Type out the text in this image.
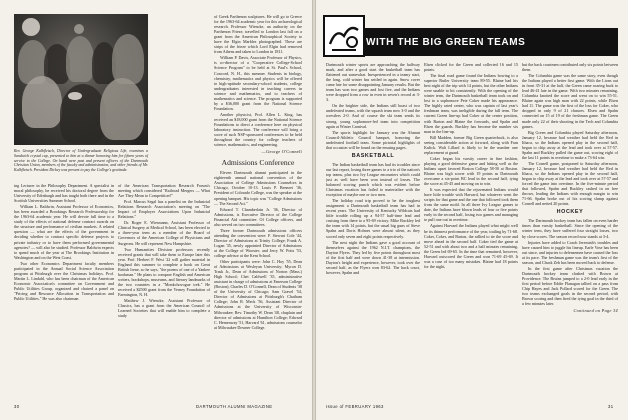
Rev. George Kalbfleisch, Director of Undergraduate Religious Life, examines a Sandwich crystal cup, presented to him at a dinner honoring him for fifteen years of service to the College. On hand were past and present officers of the Dartmouth Christian Union, members of the faculty and administration, and other friends of Mr. Kalbfleisch. President Dickey was present to pay the College's gratitude.
ing Lecturer in the Philosophy Department. A specialist in moral philosophy, he received his doctoral degree from the University of Edinburgh and has taught both there and in the Scottish Universities Summer School.
William L. Baldwin, Assistant Professor of Economics, has been awarded a Brookings Research Professorship for the 1963-64 academic year. He will devote full time to a study of the effects of national defense contract awards on the structure and performance of civilian markets. A related question — what are the effects of the government in deciding whether to contract specific defense projects to private industry or to have them performed governmental agencies? — will also be studied. Professor Baldwin expects to spend much of the year at The Brookings Institution in Washington and on the West Coast.
Two other Economics Department faculty members participated in the Annual Social Science Association program at Pittsburgh over the Christmas holidays. Prof. Martin L. Lindahl, who has been chairman of the American Economic Association's committee on Government and Public Utilities Group, organized and chaired a panel on "Pricing and Resource Allocation in Transportation and Public Utilities." He was also chairman
of the American Transportation Research Forum's meeting which considered "Railroad Mergers — What Are They Mean to Competition?"
Prof. Marcus Segal has a panelist on the Industrial Relations Research Association's meeting on "The Impact of Employer Associations Upon Industrial Relations."
Dr. Roger E. Wiesmann, Assistant Professor of Clinical Surgery at Medical School, has been elected to a three-year term as a member of the Board of Governors of the American College of Physicians and Surgeons. He will represent New Hampshire.
Two Humanities Division professors recently received grants that will take them to Europe later this year. Prof. Herbert F. West '22 will gather material in England this summer to complete a book on Great British Irene, so he says, "the poems of one of a Yankee bookman." He plans to compare English and American writers, bookshops, museums, and literary landmarks of the two countries in a "Monkchovogue trek." He received a $2500 grant from the Verney Foundation of Farmington, N. H.
Matthew J. Wiencke, Assistant Professor of Classics, has a grant from the American Council of Learned Societies that will enable him to complete a study
of Greek Parthenon sculptures. He will go to Greece for the 1963-64 academic year for this archaeological research. Professor Wiencke, an authority on the Parthenon Frieze, travelled to London last fall on a grant from the American Philosophical Society to have the Elgin Marbles photographed. These are strips of the frieze which Lord Elgin had removed from Athens and taken to London in 1811.
William P. Davis, Associate Professor of Physics, is co-director of a "Cooperative College-School Science Program" to be held at St. Paul's School, Concord, N. H., this summer. Students in biology, chemistry, mathematics and physics will be offered to high-aptitude secondary-school students, college undergraduates interested in teaching careers in science and mathematics, and to teachers of mathematics and science. The program is supported by a $36,000 grant from the National Science Foundation.
Another physicist, Prof. Allen L. King, has received an $18,000 grant from the National Science Foundations to direct a conference here on physical laboratory instruction. The conference will bring a score of such NSF-sponsored conferences to be held throughout the country for college teachers of science, mathematics, and engineering.
—George O'Connell
Admissions Conference
Eleven Dartmouth alumni participated in the eighteenth annual national convention of the Association of College Admissions Counselors in Chicago, October 10-13. Louis P. Benezet '36, President of Colorado College, was the speaker at the opening banquet. His topic was "College Admissions — The Second Act."
Edward T. Chamberlain Jr. '36, Director of Admissions, is Executive Director of the College Financial Aid committee. Of College officers, and also served on two committees.
Three former Dartmouth admissions officers attending the convention were: F. Stewart Cole '44, Director of Admissions at Trinity College; Frank A. Logan '35, newly appointed Director of Admissions at the College of Wooster; and Jerry W. Potts '53, college advisor at the Kent School.
Other participants were: John C. Hoy '55, Dean of Admissions at Wesleyan University; Myron D. Trask Jr., Dean of Admissions of Norton (Mass.) High School; Chet Caldwell '35, administrative assistant in charge of admissions at Emerson College (Boston); Charles D. O'Connell, Dean of Students '38 of the University of Chicago; Sam Gravel '54, Director of Admissions at Pittsburgh's Chatham College; John R. Meck '56, Assistant Director of Admissions at the University of Wisconsin-Milwaukee; Rev. Timothy W. Dean '48, chaplain and director of admissions at Hamilton College; Edward C. Hemenway '51, Harvard '61, admissions counselor at Milwaukee Downer College.
30	DARTMOUTH ALUMNI MAGAZINE
WITH THE BIG GREEN TEAMS
Dartmouth winter sports are approaching the halfway mark, and after a good start the basketball team has flattened out somewhat. Inexperienced in a teamy start, the long, cold winter has settled in again. Snow cover came late for some disappointing January results. But the team has won two games and lost five, and the Indians were dropped from a row in even in seven's record at 3-3.
On the brighter side, the Indians still boast of two undefeated teams, with the squash team now 3-0 and the wrestlers 2-0. And of course the ski team sends its strong, young sophomore-led team into competition again at Winter Carnival.
The sports highlight for January was the Alumni Council-Athletic Council banquet, honoring the undefeated football team. Some pictorial highlights of that occasion will be found on the ensuing pages.
BASKETBALL
The Indian basketball team has had its troubles since our last report, losing three games to a trio of the nation's top teams, plus two Ivy League encounters which could just as well have been won instead of losses. The balanced scoring punch which was evident before Christmas vacation has failed to materialize with the exception of maybe one or two men.
The holiday road trip proved to be the toughest assignment a Dartmouth basketball team has had in recent years. The University of Kentucky Wildcats had little trouble rolling up a 94-57 half-time lead and cruising from there to a 95-69 victory. Mike Buckley led the team with 14 points, but the usual big guns of Steve Spahn and Doris Holmes were almost silent, as they scored only seven and eight points respectively.
The next night the Indians gave a good account of themselves against the 1962 N.I.T. champions, the Dayton Flyers. They led by five points throughout most of the first half and were down 41-38 at intermission. Dayton's height and experience, however, took over the second half, as the Flyers won 83-62. The back court, however, Spahn and
Elsen clicked for the Green and collected 16 and 15 points.
The final road game found the Indians bowing to a superior Butler University team 89-55. Blaine had his best night of the trip with 14 points, but the other Indians were unable to hit consistently. With the opening of the winter term, the Dartmouth basketball team took on and lost to a sophomore Pete Coker made his appearance. The highly rated center, who was captain of last year's freshman team, was ineligible during the fall term. The current Green line-up had Coker at the center position, with Barton and Blaine the forwards, and Spahn and Elsen the guards. Buckley has become the number six man in the line-up.
Bill Madden, former Big Green quarterback, is also seeing considerable action at forward, along with Fran Kulick. Walt Lillard is likely to be the number one replacement at guard.
Coker began his varsity career in fine fashion, playing a good defensive game and hitting well as the Indians upset favored Boston College 58-50 at Boston. Blaine was high scorer with 19 points as Dartmouth overcame a six-point BC lead in the second half, tying the score at 45-45 and moving on to win.
It was expected that the rejuvenated Indians would have little trouble with Harvard, but whatever went the scripts for that game and the one that followed took them from the same mold. In all three Ivy League games to date, the Indians have blown leads of four or five points early in the second half, losing two games and managing to pull one out in overtime.
Against Harvard the Indians played what might well be its thinnest performance of the year, trailing by 71-68. Coker, Coker, and Barton, the rallied to tie the score and move ahead in the second half. Coker tied the game at 52-51 and with about two and a half minutes remaining, the Green led 69-65. In the time that remained, however, Harvard outscored the Green and won 71-69 45-69. It was a case of too many mistakes. Blaine had 18 points for the night,
but the back courtmen contributed only six points between them.
The Columbia game was the same story, even though the Indians played a better first game. With the Lions out in front 35-31 at the half, the Green came roaring back to lead 46-41 late in the game. With two minutes remaining, Columbia knotted the score and went on to win 55-51. Blaine again was high man with 22 points, while Elsen had 11. The game was the first of the loss for Coker, who dropped in only 9 of 21 chances. Elsen and Spahn connected on 15 of 19 of the freshman game. The Green made only 22 of their shooting in the Tech and Columbia games.
Big Green and Columbia played Saturday afternoon, January 12, because bad weather had held the Red in Ithaca, so the Indians opened play in the second half, began to chip away at the lead and took over at 57-57. Spahn and Buckley pulled the game out, scoring eight of the last 11 points in overtime to make a 73-64 win.
The Cornell game, postponed to Saturday afternoon, January 12, because bad weather had held the Red in Ithaca, so the Indians opened play in the second half, began to chip away at the lead and took over at 57-57 and forced the game into overtime. In the five-minute period that followed, Spahn and Buckley cashed in on free throws, leading the Indians with enough margin to win 71-66. Spahn broke out of his scoring slump against Cornell and netted 20 points.
HOCKEY
The Dartmouth hockey team has fallen on even harder times than varsity basketball. Since the opening of the winter term, they have suffered four straight losses, two by close scores. The season record now stands at 3-4.
Injuries have added to Coach Jeremiah's troubles and have caused him to juggle his lineup. Earle Vose has been out since, and injuries to defensemen have caused the loss at its pace. The freshman game was the team's first of the season, and Chuck Zeb has been moved back to defense.
In the first game after Christmas vacation the Dartmouth hockey team clashed with Brown at Providence. The Bruins jumped to a 2-0 lead early in the first period before Eddie Flanagan tallied on a pass from Chip Hayes and Jack Pollard scored for the Green. The two teams exchanged goals in the second period, with Brown scoring and then fired the tying goal in the third of a few minutes later.
Continued on Page 34
Issue of FEBRUARY 1963	31
